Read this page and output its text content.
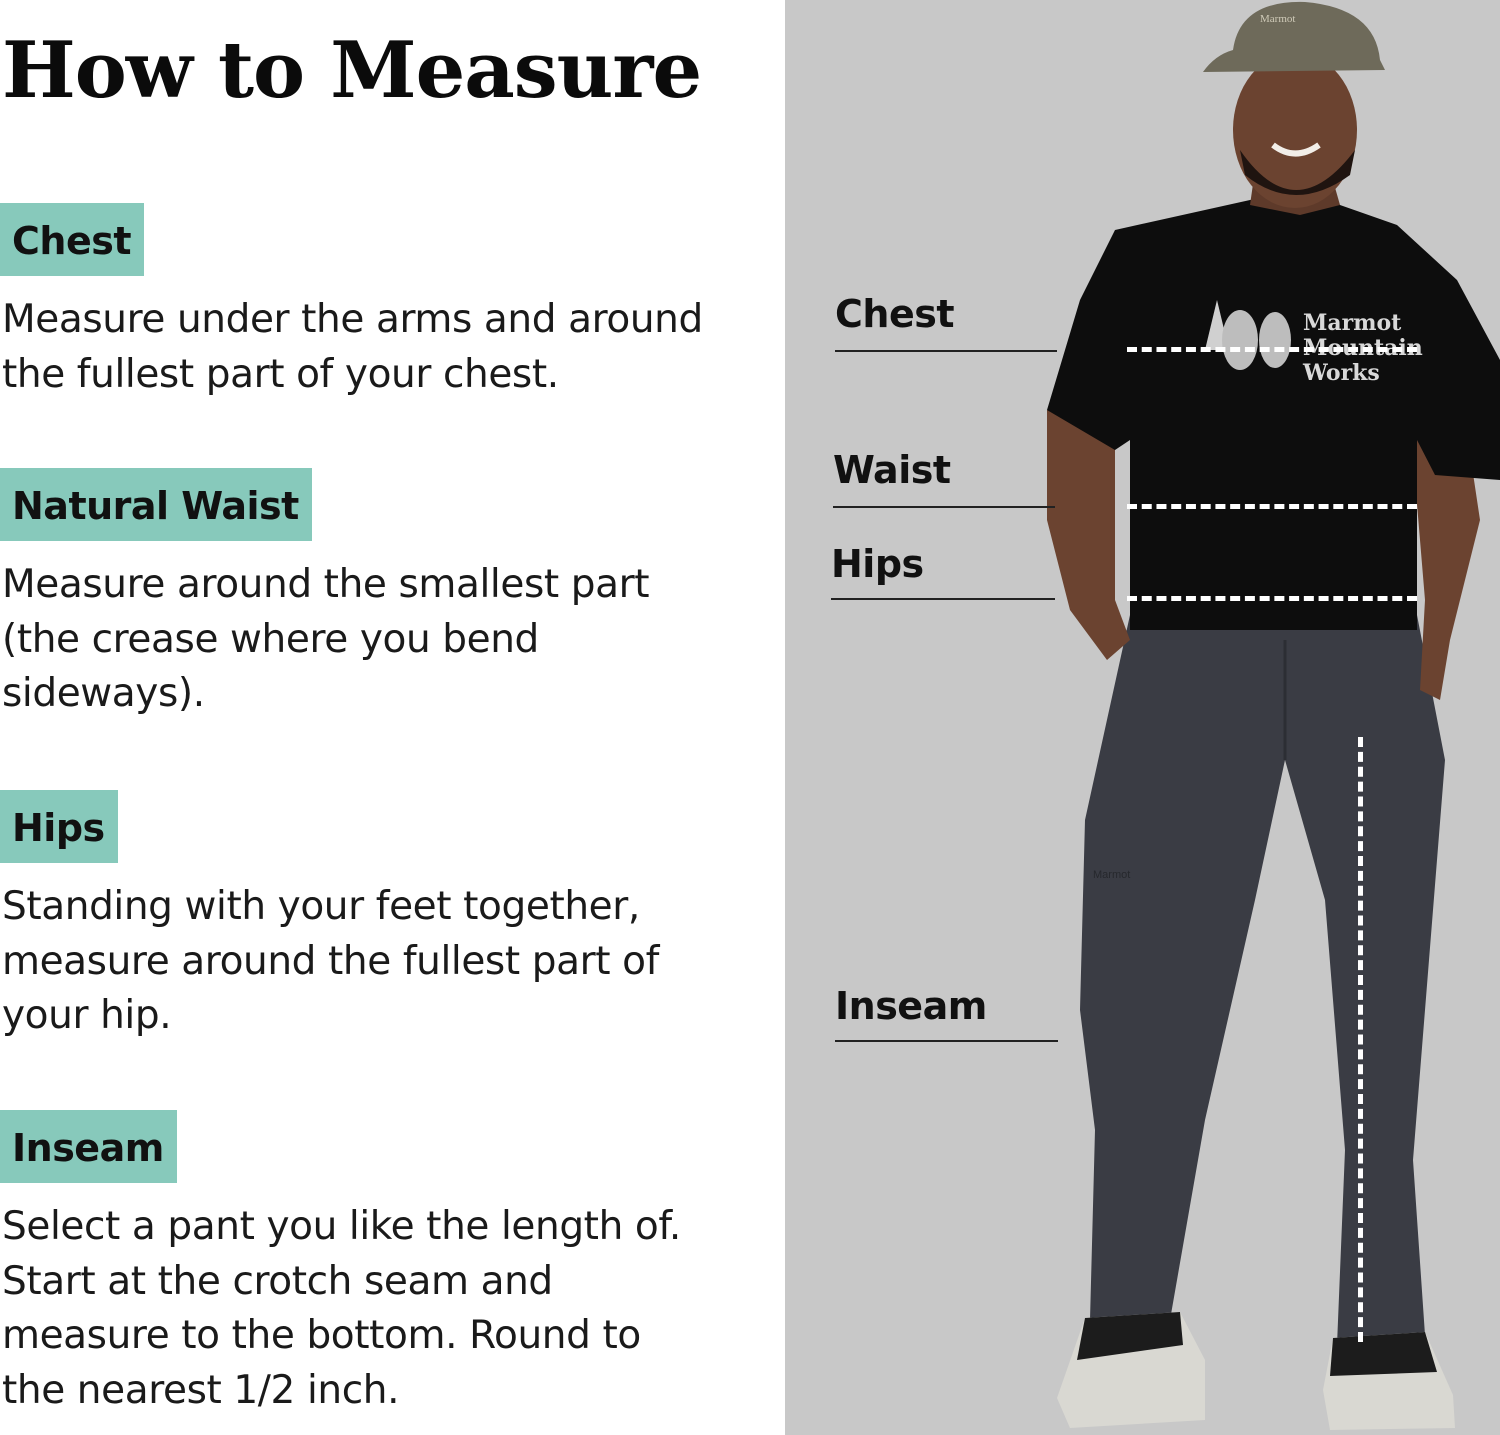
How to Measure
Chest
Measure under the arms and around
the fullest part of your chest.
Natural Waist
Measure around the smallest part
(the crease where you bend
sideways).
Hips
Standing with your feet together,
measure around the fullest part of
your hip.
Inseam
Select a pant you like the length of.
Start at the crotch seam and
measure to the bottom. Round to
the nearest 1/2 inch.
Marmot
Marmot
Marmot
Mountain
Works
Chest
Waist
Hips
Inseam
